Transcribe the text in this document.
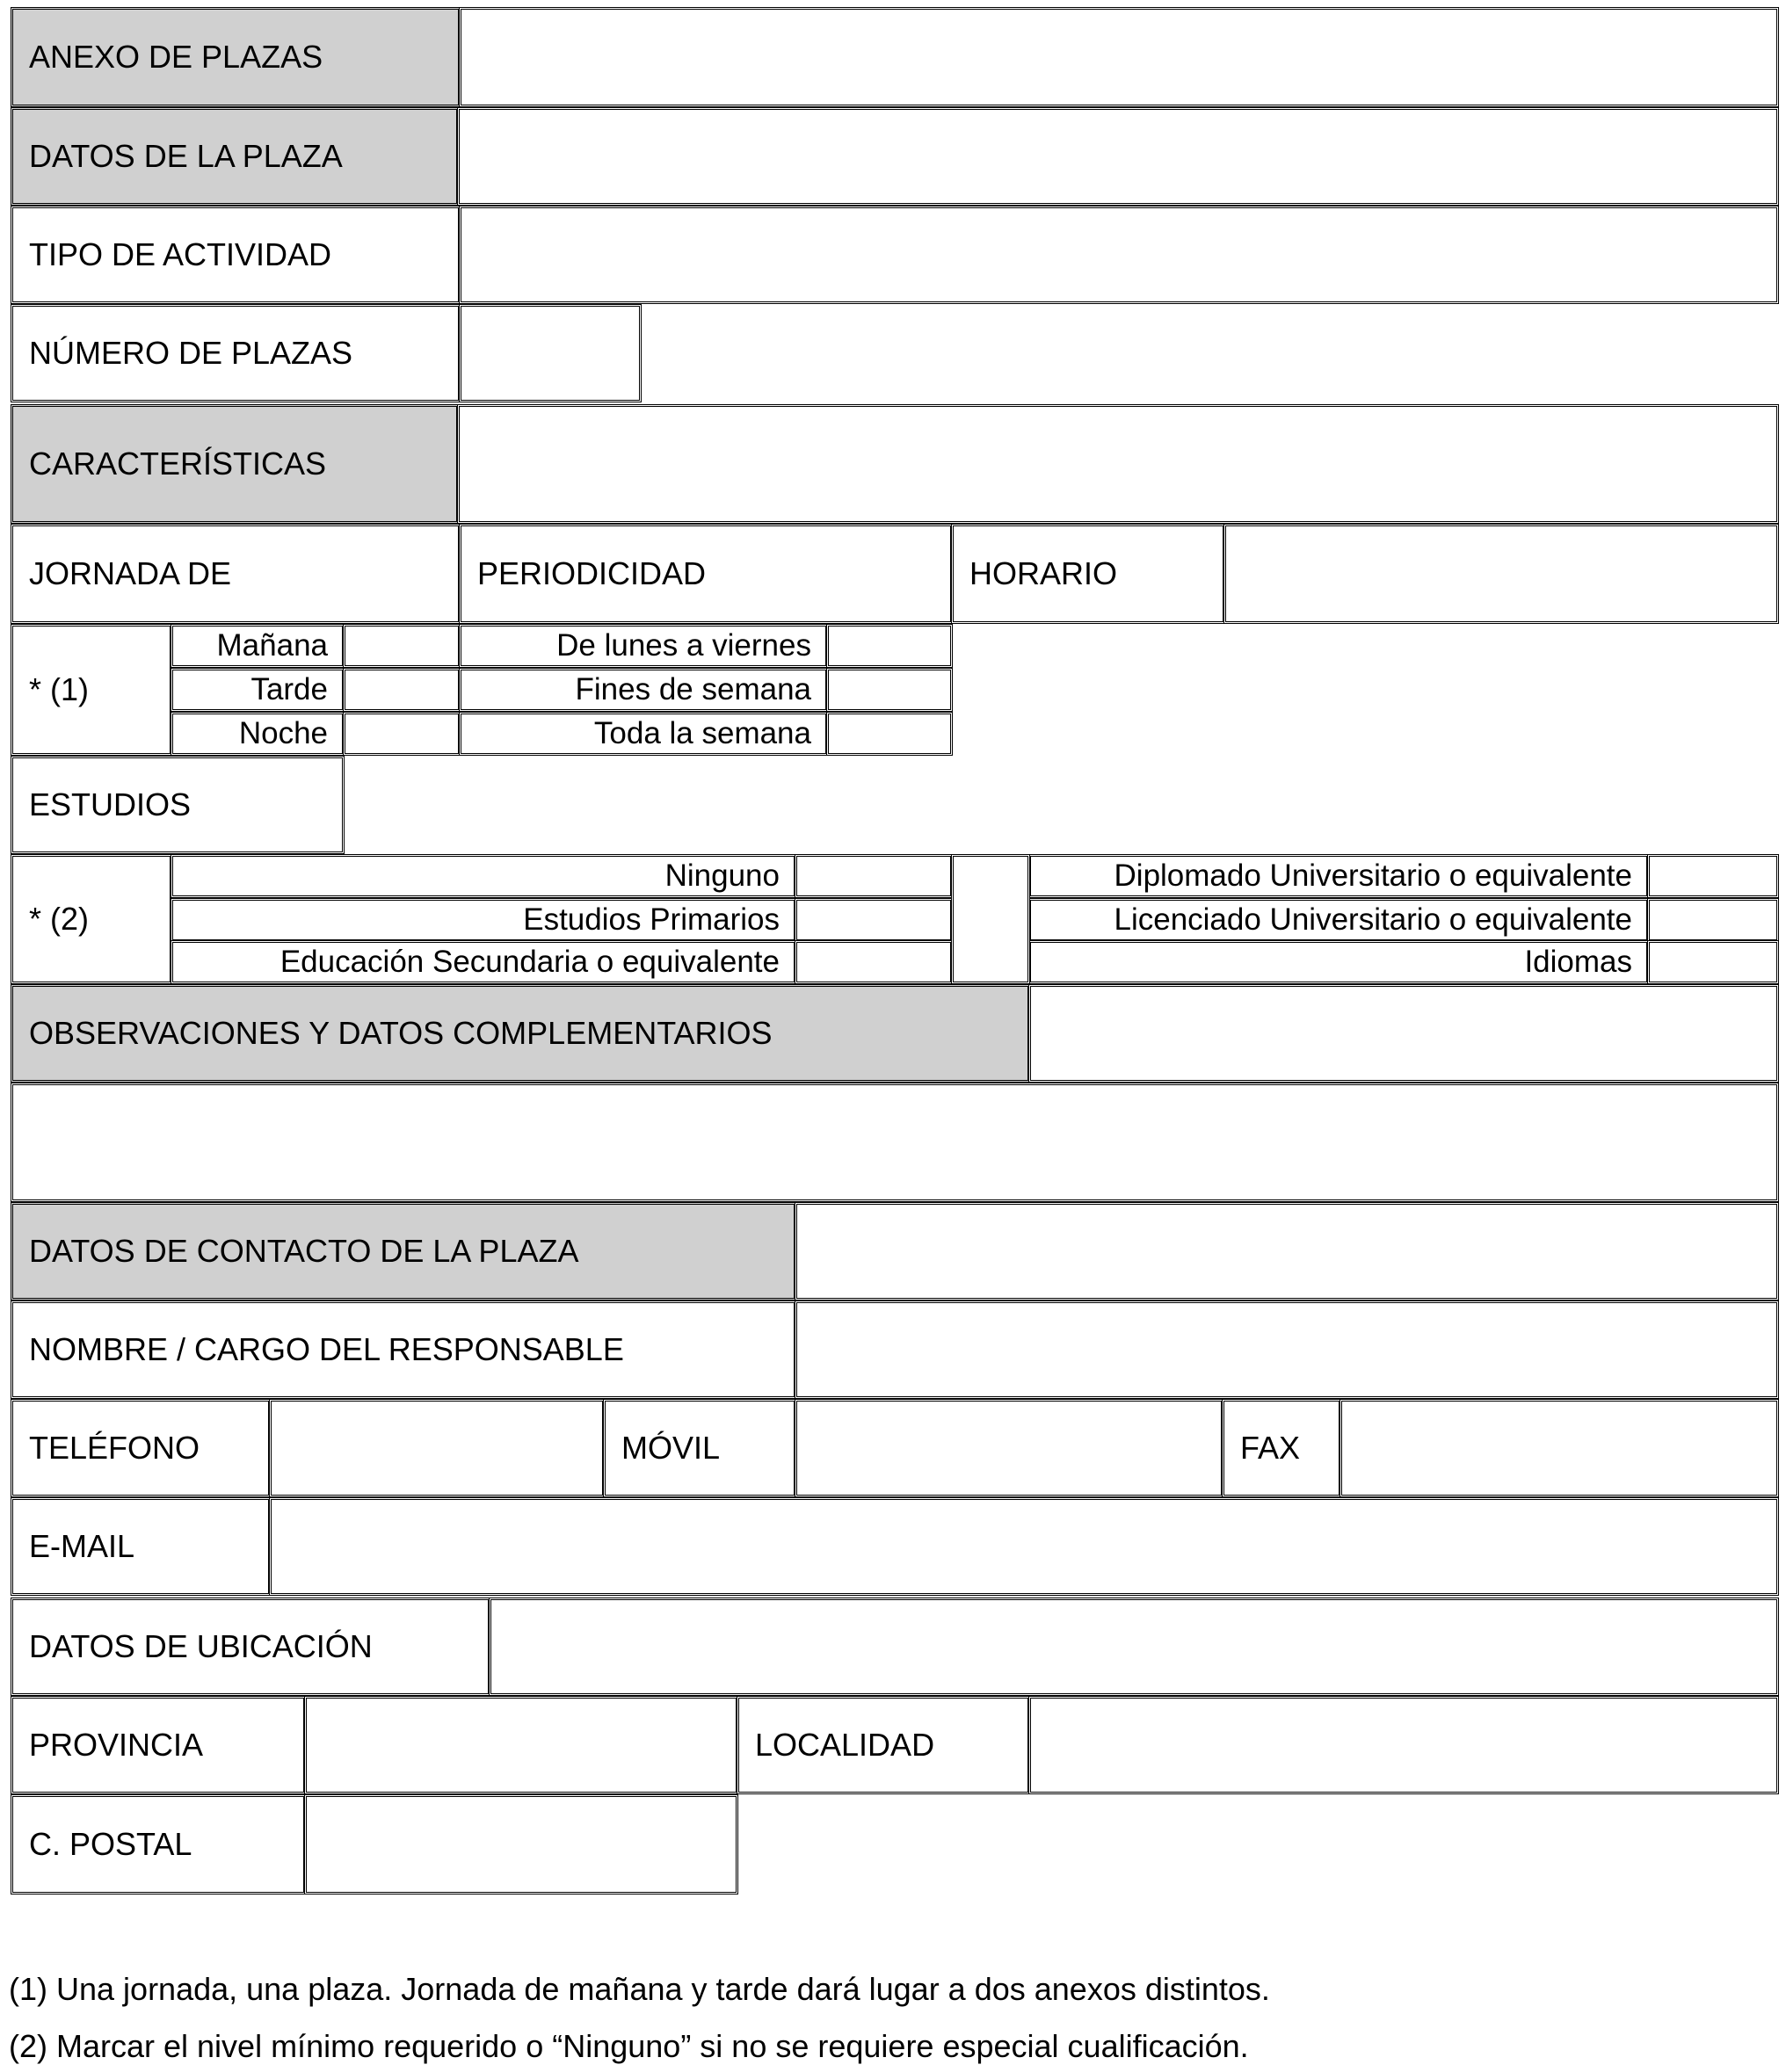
ANEXO DE PLAZAS
DATOS DE LA PLAZA
TIPO DE ACTIVIDAD
NÚMERO DE PLAZAS
CARACTERÍSTICAS
JORNADA DE	PERIODICIDAD	HORARIO
* (1)
Mañana	De lunes a viernes
Tarde	Fines de semana
Noche	Toda la semana
ESTUDIOS
* (2)
Ninguno	Diplomado Universitario o equivalente
Estudios Primarios	Licenciado Universitario o equivalente
Educación Secundaria o equivalente	Idiomas
OBSERVACIONES Y DATOS COMPLEMENTARIOS
DATOS DE CONTACTO DE LA PLAZA
NOMBRE / CARGO DEL RESPONSABLE
TELÉFONO	MÓVIL	FAX
E-MAIL
DATOS DE UBICACIÓN
PROVINCIA	LOCALIDAD
C. POSTAL
(1) Una jornada, una plaza. Jornada de mañana y tarde dará lugar a dos anexos distintos.
(2) Marcar el nivel mínimo requerido o “Ninguno” si no se requiere especial cualificación.
